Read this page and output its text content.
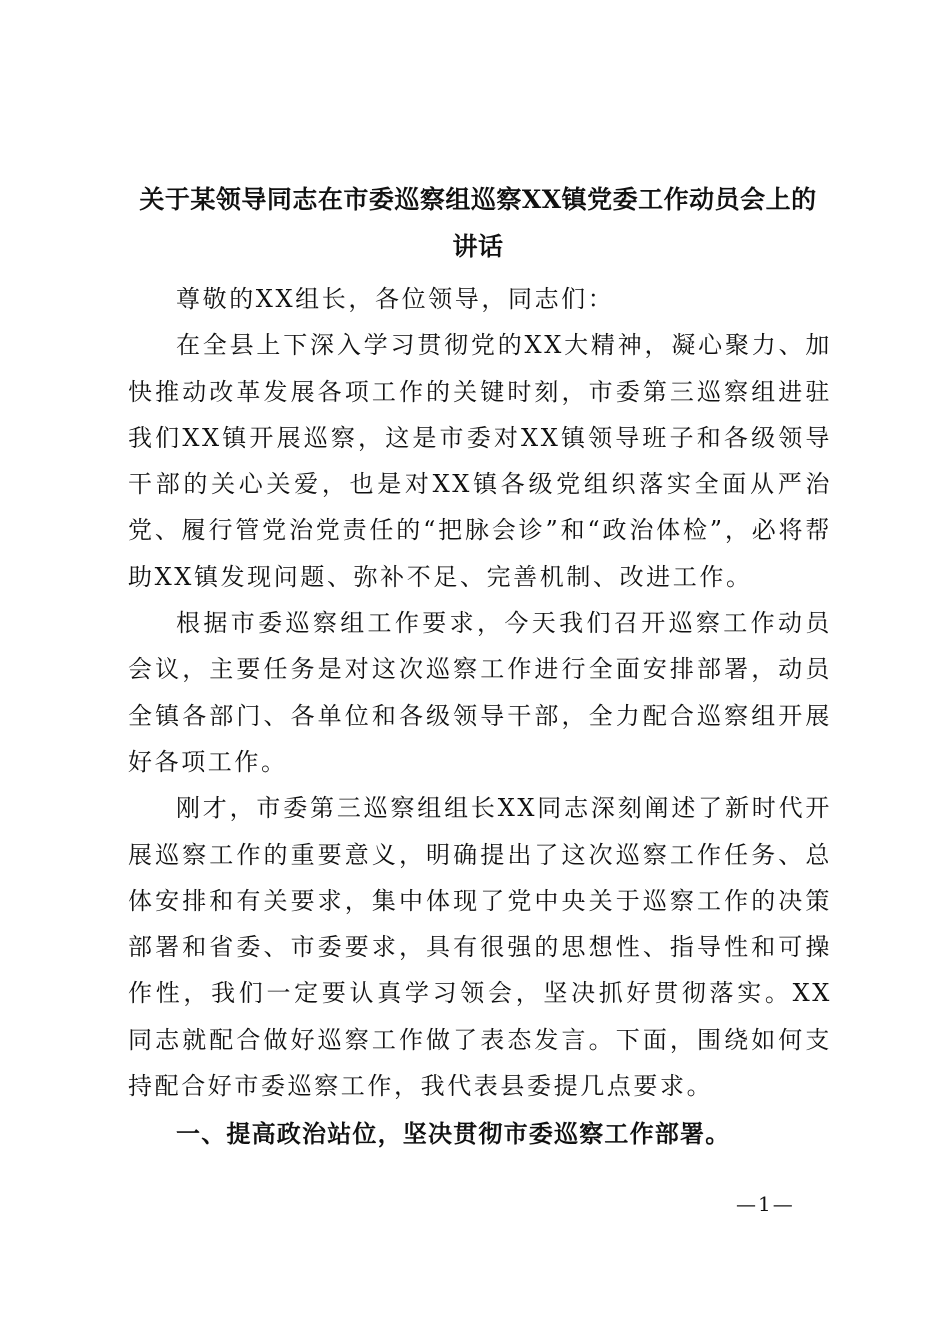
关于某领导同志在市委巡察组巡察XX镇党委工作动员会上的讲话

尊敬的XX组长，各位领导，同志们：

在全县上下深入学习贯彻党的XX大精神，凝心聚力、加快推动改革发展各项工作的关键时刻，市委第三巡察组进驻我们XX镇开展巡察，这是市委对XX镇领导班子和各级领导干部的关心关爱，也是对XX镇各级党组织落实全面从严治党、履行管党治党责任的“把脉会诊”和“政治体检”，必将帮助XX镇发现问题、弥补不足、完善机制、改进工作。

根据市委巡察组工作要求，今天我们召开巡察工作动员会议，主要任务是对这次巡察工作进行全面安排部署，动员全镇各部门、各单位和各级领导干部，全力配合巡察组开展好各项工作。

刚才，市委第三巡察组组长XX同志深刻阐述了新时代开展巡察工作的重要意义，明确提出了这次巡察工作任务、总体安排和有关要求，集中体现了党中央关于巡察工作的决策部署和省委、市委要求，具有很强的思想性、指导性和可操作性，我们一定要认真学习领会，坚决抓好贯彻落实。XX同志就配合做好巡察工作做了表态发言。下面，围绕如何支持配合好市委巡察工作，我代表县委提几点要求。

一、提高政治站位，坚决贯彻市委巡察工作部署。

—1—
